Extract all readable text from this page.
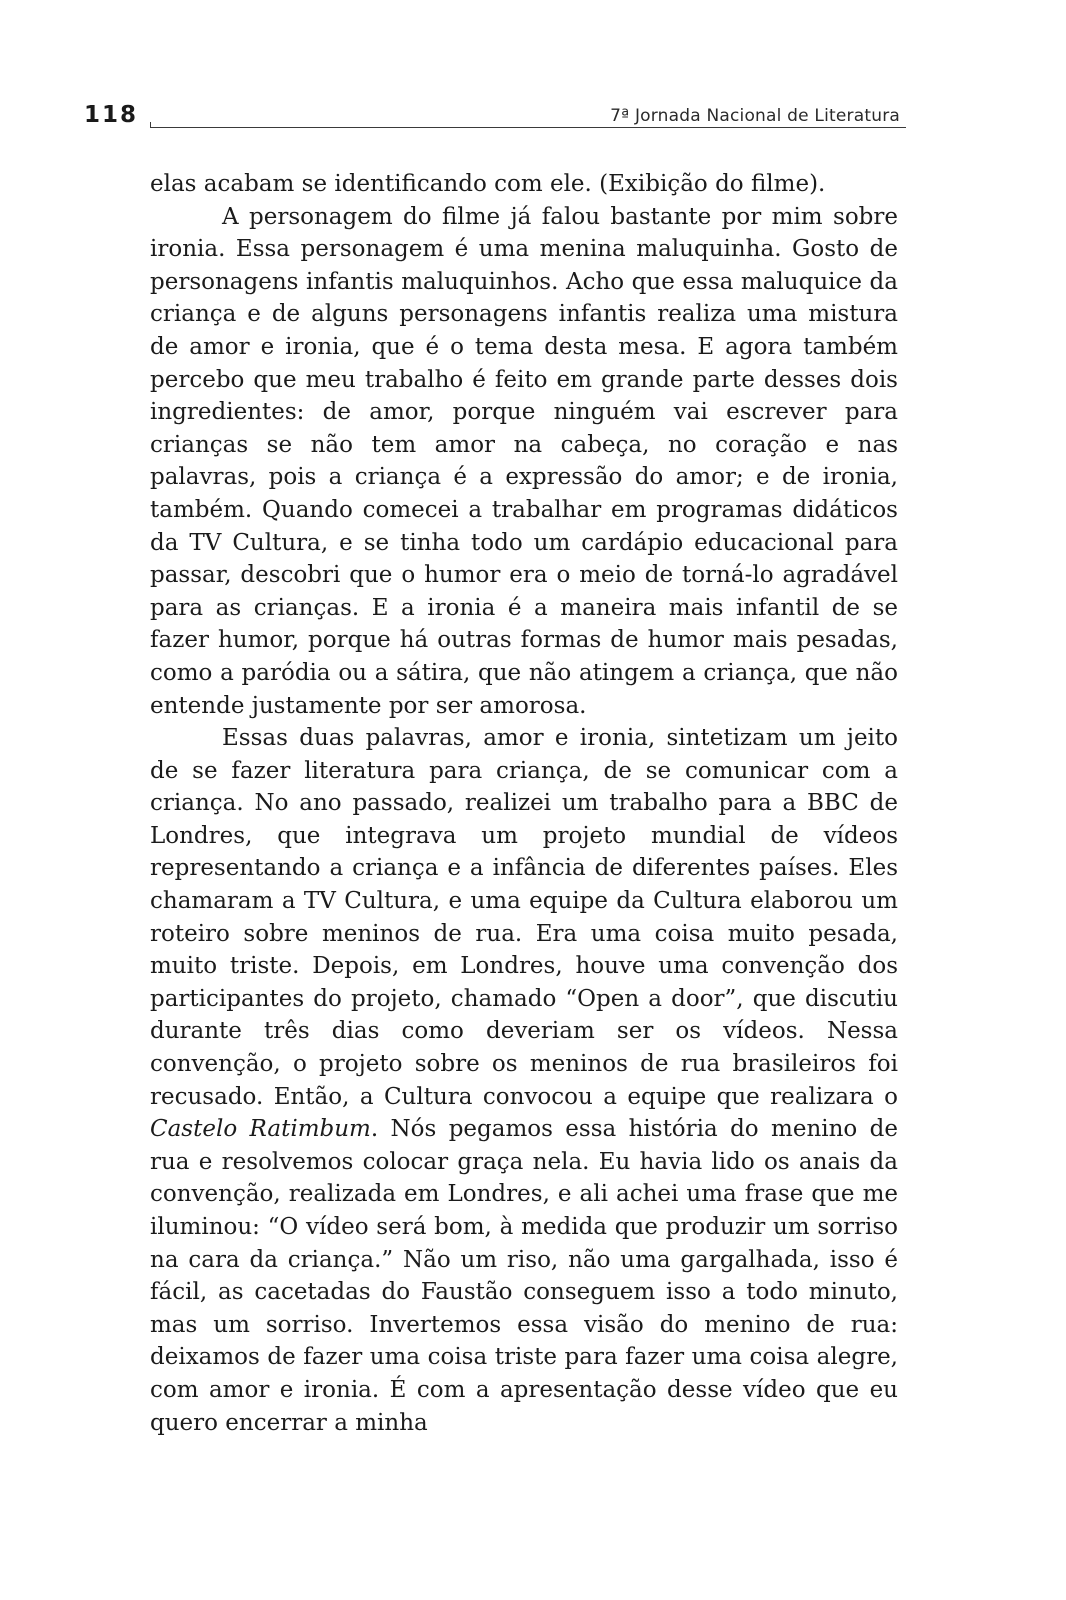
118	7ª Jornada Nacional de Literatura

elas acabam se identificando com ele. (Exibição do filme).

A personagem do filme já falou bastante por mim sobre ironia. Essa personagem é uma menina maluquinha. Gosto de personagens infantis maluquinhos. Acho que essa maluquice da criança e de alguns personagens infantis realiza uma mistura de amor e ironia, que é o tema desta mesa. E agora também percebo que meu trabalho é feito em grande parte desses dois ingredientes: de amor, porque ninguém vai escrever para crianças se não tem amor na cabeça, no coração e nas palavras, pois a criança é a expressão do amor; e de ironia, também. Quando comecei a trabalhar em programas didáticos da TV Cultura, e se tinha todo um cardápio educacional para passar, descobri que o humor era o meio de torná-lo agradável para as crianças. E a ironia é a maneira mais infantil de se fazer humor, porque há outras formas de humor mais pesadas, como a paródia ou a sátira, que não atingem a criança, que não entende justamente por ser amorosa.

Essas duas palavras, amor e ironia, sintetizam um jeito de se fazer literatura para criança, de se comunicar com a criança. No ano passado, realizei um trabalho para a BBC de Londres, que integrava um projeto mundial de vídeos representando a criança e a infância de diferentes países. Eles chamaram a TV Cultura, e uma equipe da Cultura elaborou um roteiro sobre meninos de rua. Era uma coisa muito pesada, muito triste. Depois, em Londres, houve uma convenção dos participantes do projeto, chamado “Open a door”, que discutiu durante três dias como deveriam ser os vídeos. Nessa convenção, o projeto sobre os meninos de rua brasileiros foi recusado. Então, a Cultura convocou a equipe que realizara o Castelo Ratimbum. Nós pegamos essa história do menino de rua e resolvemos colocar graça nela. Eu havia lido os anais da convenção, realizada em Londres, e ali achei uma frase que me iluminou: “O vídeo será bom, à medida que produzir um sorriso na cara da criança.” Não um riso, não uma gargalhada, isso é fácil, as cacetadas do Faustão conseguem isso a todo minuto, mas um sorriso. Invertemos essa visão do menino de rua: deixamos de fazer uma coisa triste para fazer uma coisa alegre, com amor e ironia. É com a apresentação desse vídeo que eu quero encerrar a minha
